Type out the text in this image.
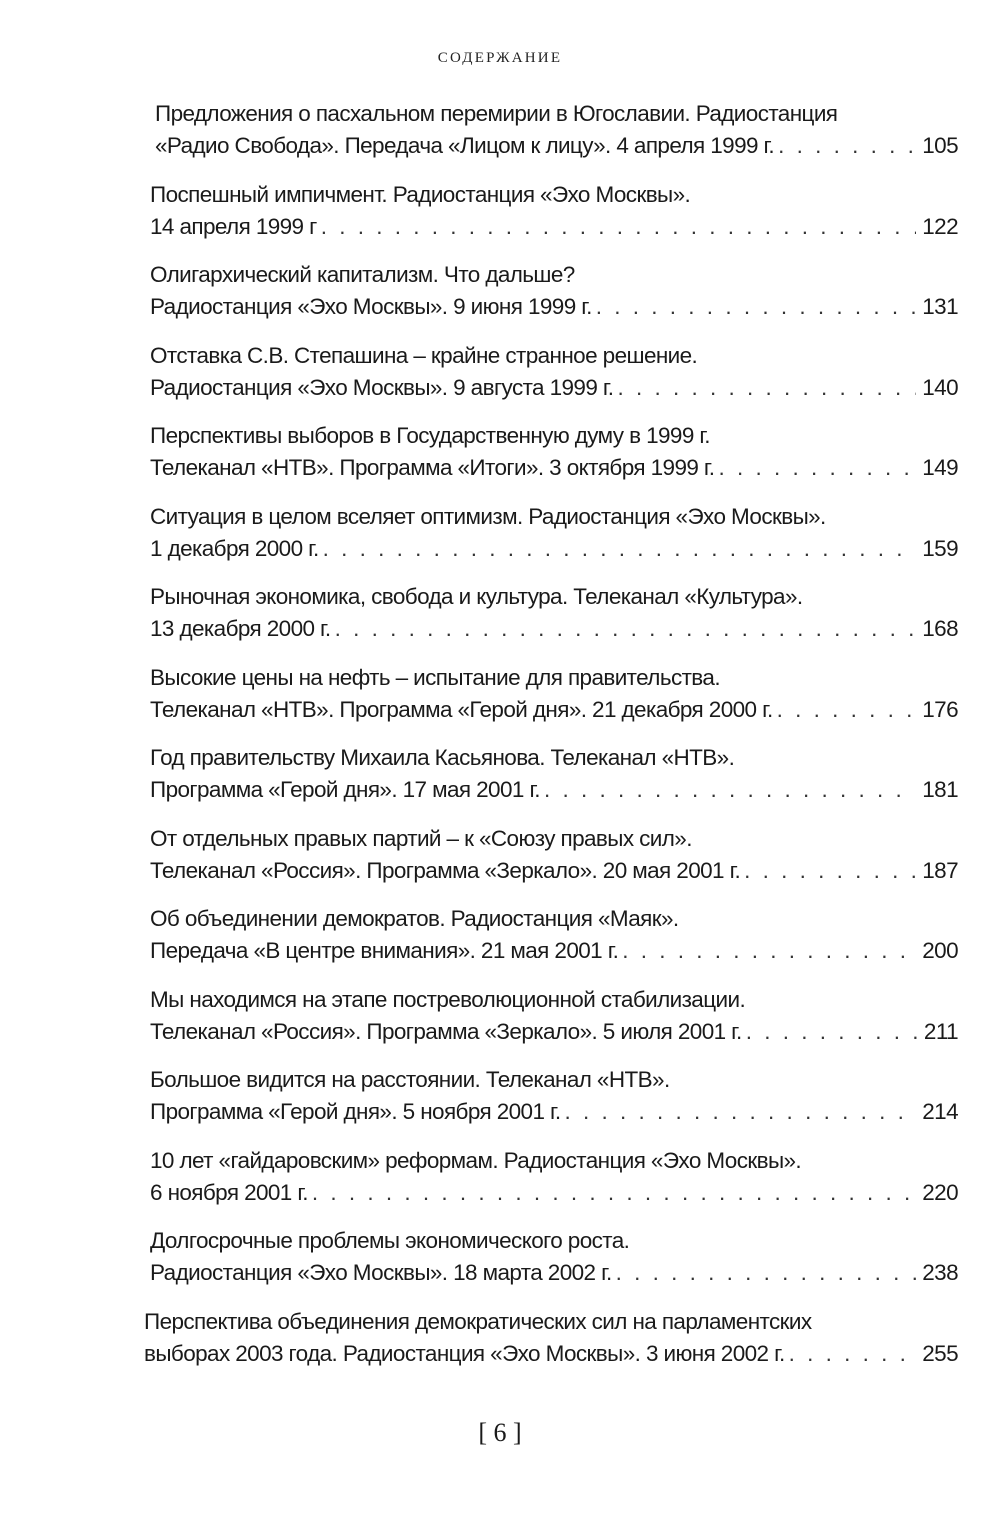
СОДЕРЖАНИЕ
Предложения о пасхальном перемирии в Югославии. Радиостанция
«Радио Свобода». Передача «Лицом к лицу». 4 апреля 1999 г. . . .	105
Поспешный импичмент. Радиостанция «Эхо Москвы».
14 апреля 1999 г . . .	122
Олигархический капитализм. Что дальше?
Радиостанция «Эхо Москвы». 9 июня 1999 г. . . .	131
Отставка С.В. Степашина – крайне странное решение.
Радиостанция «Эхо Москвы». 9 августа 1999 г. . . .	140
Перспективы выборов в Государственную думу в 1999 г.
Телеканал «НТВ». Программа «Итоги». 3 октября 1999 г. . . .	149
Ситуация в целом вселяет оптимизм. Радиостанция «Эхо Москвы».
1 декабря 2000 г. . . .	159
Рыночная экономика, свобода и культура. Телеканал «Культура».
13 декабря 2000 г. . . .	168
Высокие цены на нефть – испытание для правительства.
Телеканал «НТВ». Программа «Герой дня». 21 декабря 2000 г. . . .	176
Год правительству Михаила Касьянова. Телеканал «НТВ».
Программа «Герой дня». 17 мая 2001 г. . . .	181
От отдельных правых партий – к «Союзу правых сил».
Телеканал «Россия». Программа «Зеркало». 20 мая 2001 г. . . .	187
Об объединении демократов. Радиостанция «Маяк».
Передача «В центре внимания». 21 мая 2001 г. . . .	200
Мы находимся на этапе постреволюционной стабилизации.
Телеканал «Россия». Программа «Зеркало». 5 июля 2001 г. . . .	211
Большое видится на расстоянии. Телеканал «НТВ».
Программа «Герой дня». 5 ноября 2001 г. . . .	214
10 лет «гайдаровским» реформам. Радиостанция «Эхо Москвы».
6 ноября 2001 г. . . .	220
Долгосрочные проблемы экономического роста.
Радиостанция «Эхо Москвы». 18 марта 2002 г. . . .	238
Перспектива объединения демократических сил на парламентских
выборах 2003 года. Радиостанция «Эхо Москвы». 3 июня 2002 г. . . .	255
[ 6 ]
